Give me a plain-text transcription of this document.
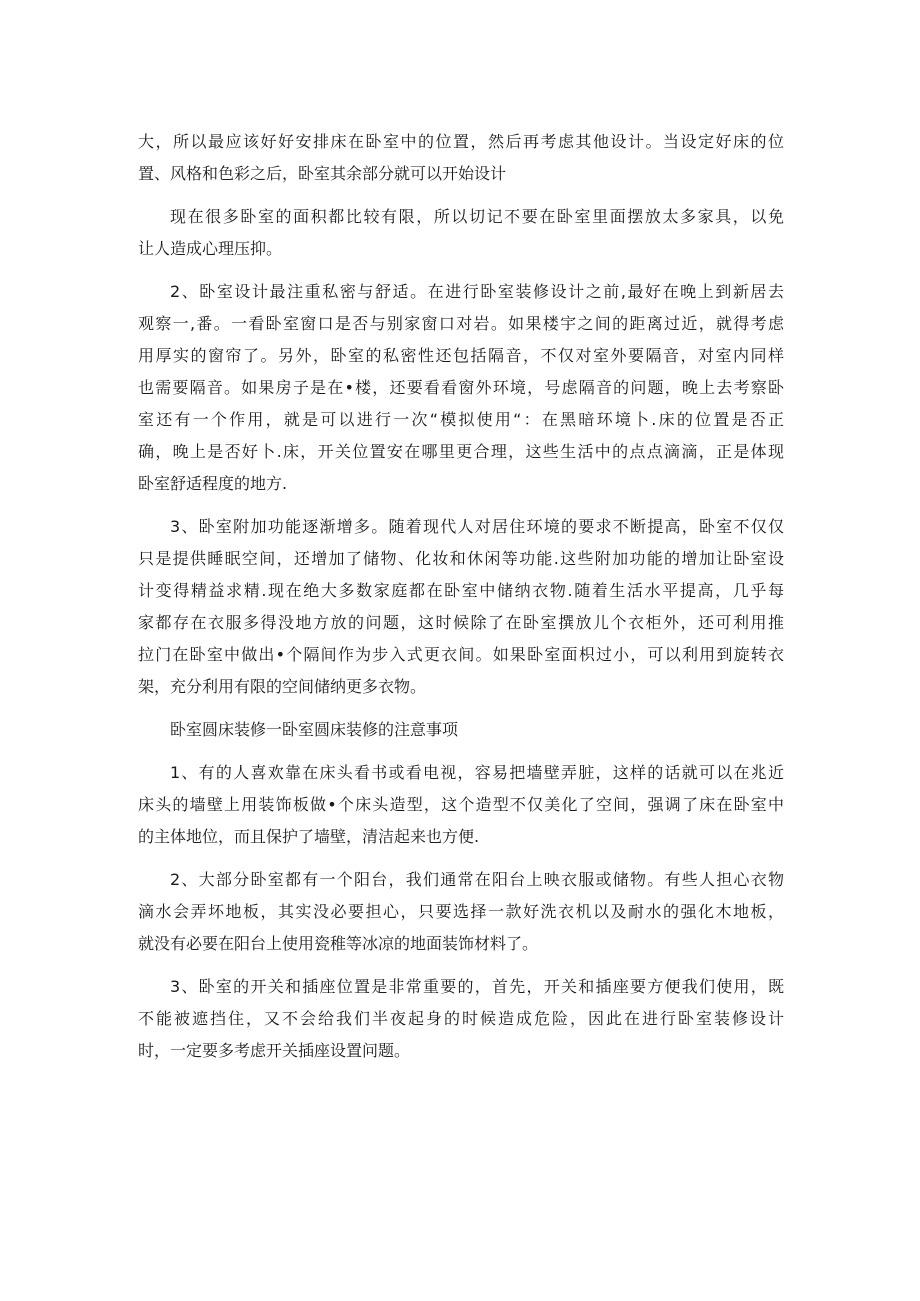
大，所以最应该好好安排床在卧室中的位置，然后再考虑其他设计。当设定好床的位
置、风格和色彩之后，卧室其余部分就可以开始设计
现在很多卧室的面积都比较有限，所以切记不要在卧室里面摆放太多家具，以免
让人造成心理压抑。
2、卧室设计最注重私密与舒适。在进行卧室装修设计之前,最好在晚上到新居去
观察一,番。一看卧室窗口是否与别家窗口对岩。如果楼宇之间的距离过近，就得考虑
用厚实的窗帘了。另外，卧室的私密性还包括隔音，不仅对室外要隔音，对室内同样
也需要隔音。如果房子是在•楼，还要看看窗外环境，号虑隔音的问题，晚上去考察卧
室还有一个作用，就是可以进行一次“模拟使用“：在黑暗环境卜.床的位置是否正
确，晚上是否好卜.床，开关位置安在哪里更合理，这些生活中的点点滴滴，正是体现
卧室舒适程度的地方.
3、卧室附加功能逐渐增多。随着现代人对居住环境的要求不断提高，卧室不仅仅
只是提供睡眠空间，还增加了储物、化妆和休闲等功能.这些附加功能的增加让卧室设
计变得精益求精.现在绝大多数家庭都在卧室中储纳衣物.随着生活水平提高，几乎每
家都存在衣服多得没地方放的问题，这时候除了在卧室撰放儿个衣柜外，还可利用推
拉门在卧室中做出•个隔间作为步入式更衣间。如果卧室面枳过小，可以利用到旋转衣
架，充分利用有限的空间储纳更多衣物。
卧室圆床装修一卧室圆床装修的注意事项
1、有的人喜欢靠在床头看书或看电视，容易把墙壁弄脏，这样的话就可以在兆近
床头的墙壁上用装饰板做•个床头造型，这个造型不仅美化了空间，强调了床在卧室中
的主体地位，而且保护了墙壁，清洁起来也方便.
2、大部分卧室都有一个阳台，我们通常在阳台上映衣服或储物。有些人担心衣物
滴水会弄坏地板，其实没必要担心，只要选择一款好洗衣机以及耐水的强化木地板，
就没有必要在阳台上使用瓷稚等冰凉的地面装饰材料了。
3、卧室的开关和插座位置是非常重要的，首先，开关和插座要方便我们使用，既
不能被遮挡住，又不会给我们半夜起身的时候造成危险，因此在进行卧室装修设计
时，一定要多考虑开关插座设置问题。
